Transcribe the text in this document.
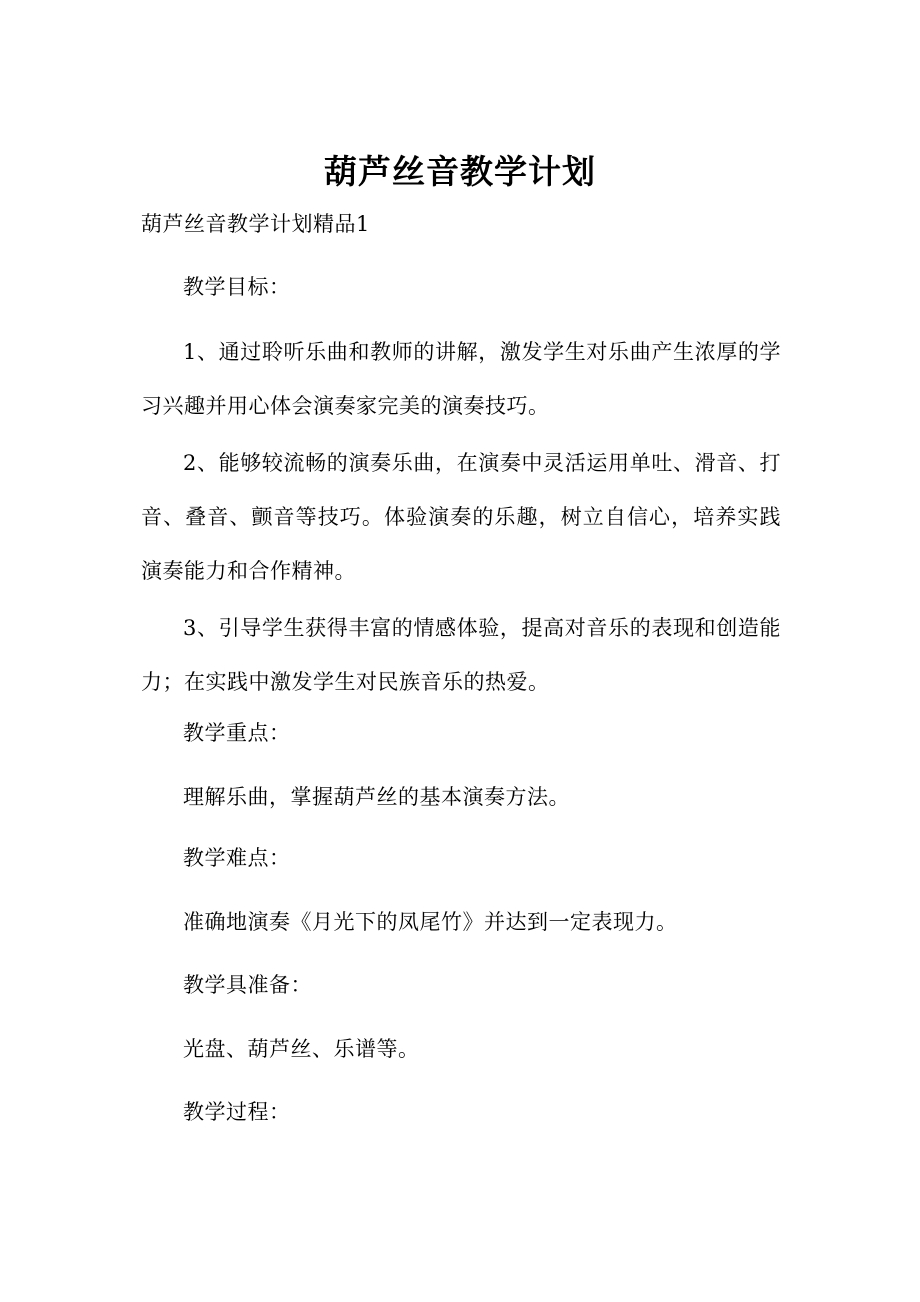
葫芦丝音教学计划
葫芦丝音教学计划精品1
教学目标：
1、通过聆听乐曲和教师的讲解，激发学生对乐曲产生浓厚的学习兴趣并用心体会演奏家完美的演奏技巧。
2、能够较流畅的演奏乐曲，在演奏中灵活运用单吐、滑音、打音、叠音、颤音等技巧。体验演奏的乐趣，树立自信心，培养实践演奏能力和合作精神。
3、引导学生获得丰富的情感体验，提高对音乐的表现和创造能力；在实践中激发学生对民族音乐的热爱。
教学重点：
理解乐曲，掌握葫芦丝的基本演奏方法。
教学难点：
准确地演奏《月光下的凤尾竹》并达到一定表现力。
教学具准备：
光盘、葫芦丝、乐谱等。
教学过程：
